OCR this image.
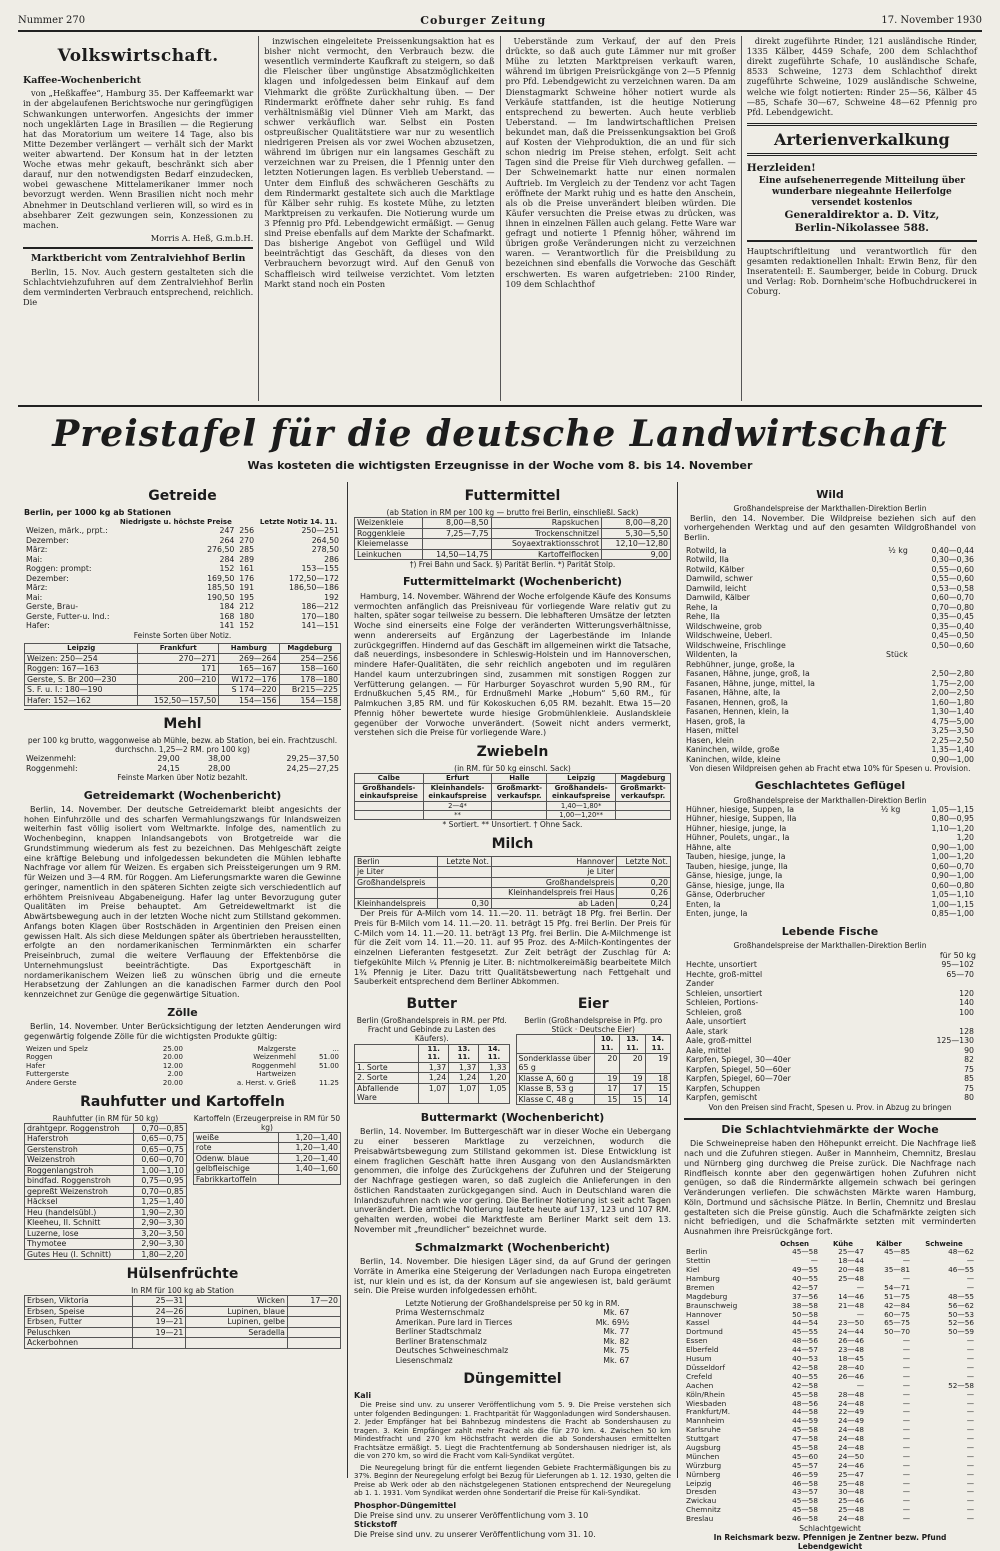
Nummer 270	Coburger Zeitung	17. November 1930
Volkswirtschaft.
Kaffee-Wochenbericht

von „Heßkaffee“, Hamburg 35. Der Kaffeemarkt war in der abgelaufenen Berichtswoche nur geringfügigen Schwankungen unterworfen. Angesichts der immer noch ungeklärten Lage in Brasilien — die Regierung hat das Moratorium um weitere 14 Tage, also bis Mitte Dezember verlängert — verhält sich der Markt weiter abwartend. Der Konsum hat in der letzten Woche etwas mehr gekauft, beschränkt sich aber darauf, nur den notwendigsten Bedarf einzudecken, wobei gewaschene Mittelamerikaner immer noch bevorzugt werden. Wenn Brasilien nicht noch mehr Abnehmer in Deutschland verlieren will, so wird es in absehbarer Zeit gezwungen sein, Konzessionen zu machen.

Morris A. Heß, G.m.b.H.

Marktbericht vom Zentralviehhof Berlin

Berlin, 15. Nov. Auch gestern gestalteten sich die Schlachtviehzufuhren auf dem Zentralviehhof Berlin dem verminderten Verbrauch entsprechend, reichlich. Die

inzwischen eingeleitete Preissenkungsaktion hat es bisher nicht vermocht, den Verbrauch bezw. die wesentlich verminderte Kaufkraft zu steigern, so daß die Fleischer über ungünstige Absatzmöglichkeiten klagen und infolgedessen beim Einkauf auf dem Viehmarkt die größte Zurückhaltung üben. — Der Rindermarkt eröffnete daher sehr ruhig. Es fand verhältnismäßig viel Dünner Vieh am Markt, das schwer verkäuflich war. Selbst ein Posten ostpreußischer Qualitätstiere war nur zu wesentlich niedrigeren Preisen als vor zwei Wochen abzusetzen, während im übrigen nur ein langsames Geschäft zu verzeichnen war zu Preisen, die 1 Pfennig unter den letzten Notierungen lagen. Es verblieb Ueberstand. — Unter dem Einfluß des schwächeren Geschäfts zu dem Rindermarkt gestaltete sich auch die Marktlage für Kälber sehr ruhig. Es kostete Mühe, zu letzten Marktpreisen zu verkaufen. Die Notierung wurde um 3 Pfennig pro Pfd. Lebendgewicht ermäßigt. — Genug sind Preise ebenfalls auf dem Markte der Schafmarkt. Das bisherige Angebot von Geflügel und Wild beeinträchtigt das Geschäft, da dieses von den Verbrauchern bevorzugt wird. Auf den Genuß von Schaffleisch wird teilweise verzichtet. Vom letzten Markt stand noch ein Posten

Ueberstände zum Verkauf, der auf den Preis drückte, so daß auch gute Lämmer nur mit großer Mühe zu letzten Marktpreisen verkauft waren, während im übrigen Preisrückgänge von 2—5 Pfennig pro Pfd. Lebendgewicht zu verzeichnen waren. Da am Dienstagmarkt Schweine höher notiert wurde als Verkäufe stattfanden, ist die heutige Notierung entsprechend zu bewerten. Auch heute verblieb Ueberstand. — Im landwirtschaftlichen Preisen bekundet man, daß die Preissenkungsaktion bei Groß auf Kosten der Viehproduktion, die an und für sich schon niedrig im Preise stehen, erfolgt. Seit acht Tagen sind die Preise für Vieh durchweg gefallen. — Der Schweinemarkt hatte nur einen normalen Auftrieb. Im Vergleich zu der Tendenz vor acht Tagen eröffnete der Markt ruhig und es hatte den Anschein, als ob die Preise unverändert bleiben würden. Die Käufer versuchten die Preise etwas zu drücken, was ihnen in einzelnen Fällen auch gelang. Fette Ware war gefragt und notierte 1 Pfennig höher, während im übrigen große Veränderungen nicht zu verzeichnen waren. — Verantwortlich für die Preisbildung zu bezeichnen sind ebenfalls die Vorwoche das Geschäft erschwerten. Es waren aufgetrieben: 2100 Rinder, 109 dem Schlachthof

direkt zugeführte Rinder, 121 ausländische Rinder, 1335 Kälber, 4459 Schafe, 200 dem Schlachthof direkt zugeführte Schafe, 10 ausländische Schafe, 8533 Schweine, 1273 dem Schlachthof direkt zugeführte Schweine, 1029 ausländische Schweine, welche wie folgt notierten: Rinder 25—56, Kälber 45—85, Schafe 30—67, Schweine 48—62 Pfennig pro Pfd. Lebendgewicht.

Arterienverkalkung
Herzleiden!
Eine aufsehenerregende Mitteilung über wunderbare niegeahnte Heilerfolge versendet kostenlos
Generaldirektor a. D. Vitz,
Berlin-Nikolassee 588.

Hauptschriftleitung und verantwortlich für den gesamten redaktionellen Inhalt: Erwin Benz, für den Inseratenteil: E. Saumberger, beide in Coburg. Druck und Verlag: Rob. Dornheim'sche Hofbuchdruckerei in Coburg.

Preistafel für die deutsche Landwirtschaft
Was kosteten die wichtigsten Erzeugnisse in der Woche vom 8. bis 14. November
Getreide
Berlin, per 1000 kg ab Stationen
	Niedrigste u. höchste Preise		Letzte Notiz 14. 11.
Weizen, märk., prpt.:	247	256	250—251
Dezember:	264	270	264,50
März:	276,50	285	278,50
Mai:	284	289	286
Roggen: prompt:	152	161	153—155
Dezember:	169,50	176	172,50—172
März:	185,50	191	186,50—186
Mai:	190,50	195	192
Gerste, Brau-	184	212	186—212
Gerste, Futter-u. Ind.:	168	180	170—180
Hafer:	141	152	141—151
Feinste Sorten über Notiz.
Leipzig	Frankfurt	Hamburg	Magdeburg
Weizen: 250—254	270—271	269—264	254—256
Roggen: 167—163	171	165—167	158—160
Gerste, S. Br 200—230	200—210	W172—176	178—180
S. F. u. I.: 180—190		S 174—220	Br215—225
Hafer: 152—162	152,50—157,50	154—156	154—158
Mehl
per 100 kg brutto, waggonweise ab Mühle, bezw. ab Station, bei ein. Frachtzuschl. durchschn. 1,25—2 RM. pro 100 kg)
Weizenmehl:	29,00	38,00	29,25—37,50
Roggenmehl:	24,15	28,00	24,25—27,25
Feinste Marken über Notiz bezahlt.
Getreidemarkt (Wochenbericht)

Berlin, 14. November. Der deutsche Getreidemarkt bleibt angesichts der hohen Einfuhrzölle und des scharfen Vermahlungszwangs für Inlandsweizen weiterhin fast völlig isoliert vom Weltmarkte. Infolge des, namentlich zu Wochenbeginn, knappen Inlandsangebots von Brotgetreide war die Grundstimmung wiederum als fest zu bezeichnen. Das Mehlgeschäft zeigte eine kräftige Belebung und infolgedessen bekundeten die Mühlen lebhafte Nachfrage vor allem für Weizen. Es ergaben sich Preissteigerungen um 9 RM. für Weizen und 3—4 RM. für Roggen. Am Lieferungsmarkte waren die Gewinne geringer, namentlich in den späteren Sichten zeigte sich verschiedentlich auf erhöhtem Preisniveau Abgabeneigung. Hafer lag unter Bevorzugung guter Qualitäten im Preise behauptet. Am Getreideweltmarkt ist die Abwärtsbewegung auch in der letzten Woche nicht zum Stillstand gekommen. Anfangs boten Klagen über Rostschäden in Argentinien den Preisen einen gewissen Halt. Als sich diese Meldungen später als übertrieben herausstellten, erfolgte an den nordamerikanischen Terminmärkten ein scharfer Preiseinbruch, zumal die weitere Verflauung der Effektenbörse die Unternehmungslust beeinträchtigte. Das Exportgeschäft in nordamerikanischem Weizen ließ zu wünschen übrig und die erneute Herabsetzung der Zahlungen an die kanadischen Farmer durch den Pool kennzeichnet zur Genüge die gegenwärtige Situation.

Zölle

Berlin, 14. November. Unter Berücksichtigung der letzten Aenderungen wird gegenwärtig folgende Zölle für die wichtigsten Produkte gültig:

Weizen und Spelz	25.00	Malzgerste	...
Roggen	20.00	Weizenmehl	51.00
Hafer	12.00	Roggenmehl	51.00
Futtergerste	2.00	Hartweizen	
Andere Gerste	20.00	a. Herst. v. Grieß	11.25
Rauhfutter und Kartoffeln
Rauhfutter (in RM für 50 kg)
drahtgepr. Roggenstroh	0,70—0,85
Haferstroh	0,65—0,75
Gerstenstroh	0,65—0,75
Weizenstroh	0,60—0,70
Roggenlangstroh	1,00—1,10
bindfad. Roggenstroh	0,75—0,95
gepreßt Weizenstroh	0,70—0,85
Häcksel	1,25—1,40
Heu (handelsübl.)	1,90—2,30
Kleeheu, II. Schnitt	2,90—3,30
Luzerne, lose	3,20—3,50
Thymotee	2,90—3,30
Gutes Heu (I. Schnitt)	1,80—2,20
Kartoffeln (Erzeugerpreise in RM für 50 kg)
weiße	1,20—1,40
rote	1,20—1,40
Odenw. blaue	1,20—1,40
gelbfleischige	1,40—1,60
Fabrikkartoffeln	
Hülsenfrüchte
In RM für 100 kg ab Station
Erbsen, Viktoria	25—31	Wicken	17—20
Erbsen, Speise	24—26	Lupinen, blaue	
Erbsen, Futter	19—21	Lupinen, gelbe	
Peluschken	19—21	Seradella	
Ackerbohnen			
Futtermittel
(ab Station in RM per 100 kg — brutto frei Berlin, einschließl. Sack)
Weizenkleie	8,00—8,50	Rapskuchen	8,00—8,20
Roggenkleie	7,25—7,75	Trockenschnitzel	5,30—5,50
Kleiemelasse		Soyaextraktionsschrot	12,10—12,80
Leinkuchen	14,50—14,75	Kartoffelflocken	9,00
†) Frei Bahn und Sack. §) Parität Berlin. *) Parität Stolp.
Futtermittelmarkt (Wochenbericht)

Hamburg, 14. November. Während der Woche erfolgende Käufe des Konsums vermochten anfänglich das Preisniveau für vorliegende Ware relativ gut zu halten, später sogar teilweise zu bessern. Die lebhafteren Umsätze der letzten Woche sind einerseits eine Folge der veränderten Witterungsverhältnisse, wenn andererseits auf Ergänzung der Lagerbestände im Inlande zurückgegriffen. Hindernd auf das Geschäft im allgemeinen wirkt die Tatsache, daß neuerdings, insbesondere in Schleswig-Holstein und im Hannoverschen, mindere Hafer-Qualitäten, die sehr reichlich angeboten und im regulären Handel kaum unterzubringen sind, zusammen mit sonstigen Roggen zur Verfütterung gelangen. — Für Harburger Soyaschrot wurden 5,90 RM., für Erdnußkuchen 5,45 RM., für Erdnußmehl Marke „Hobum“ 5,60 RM., für Palmkuchen 3,85 RM. und für Kokoskuchen 6,05 RM. bezahlt. Etwa 15—20 Pfennig höher bewertete wurde hiesige Grobmühlenkleie. Auslandskleie gegenüber der Vorwoche unverändert. (Soweit nicht anders vermerkt, verstehen sich die Preise für vorliegende Ware.)

Zwiebeln
(in RM. für 50 kg einschl. Sack)
Calbe	Erfurt	Halle	Leipzig	Magdeburg
Großhandels-einkaufspreise	Kleinhandels-einkaufspreise	Großmarkt-verkaufspr.	Großhandels-einkaufspreise	Großmarkt-verkaufspr.
	2—4*		1,40—1,80*	
	**		1,00—1,20**	
* Sortiert. ** Unsortiert. † Ohne Sack.
Milch
Berlin	Letzte Not.	Hannover	Letzte Not.
je Liter		je Liter	
Großhandelspreis		Großhandelspreis	0,20
		Kleinhandelspreis frei Haus	0,26
Kleinhandelspreis	0,30	ab Laden	0,24

Der Preis für A-Milch vom 14. 11.—20. 11. beträgt 18 Pfg. frei Berlin. Der Preis für B-Milch vom 14. 11.—20. 11. beträgt 15 Pfg. frei Berlin. Der Preis für C-Milch vom 14. 11.—20. 11. beträgt 13 Pfg. frei Berlin. Die A-Milchmenge ist für die Zeit vom 14. 11.—20. 11. auf 95 Proz. des A-Milch-Kontingentes der einzelnen Lieferanten festgesetzt. Zur Zeit beträgt der Zuschlag für A: tiefgekühlte Milch ¼ Pfennig je Liter. B: nichtmolkereimäßig bearbeitete Milch 1¾ Pfennig je Liter. Dazu tritt Qualitätsbewertung nach Fettgehalt und Sauberkeit entsprechend dem Berliner Abkommen.

Butter
Berlin (Großhandelspreis in RM. per Pfd. Fracht und Gebinde zu Lasten des Käufers).
	11. 11.	13. 11.	14. 11.
1. Sorte	1,37	1,37	1,33
2. Sorte	1,24	1,24	1,20
Abfallende Ware	1,07	1,07	1,05
Eier
Berlin (Großhandelspreise in Pfg. pro Stück · Deutsche Eier)
	10. 11.	13. 11.	14. 11.
Sonderklasse über 65 g	20	20	19
Klasse A, 60 g	19	19	18
Klasse B, 53 g	17	17	15
Klasse C, 48 g	15	15	14
Buttermarkt (Wochenbericht)

Berlin, 14. November. Im Buttergeschäft war in dieser Woche ein Uebergang zu einer besseren Marktlage zu verzeichnen, wodurch die Preisabwärtsbewegung zum Stillstand gekommen ist. Diese Entwicklung ist einem fraglichen Geschäft hatte ihren Ausgang von den Auslandsmärkten genommen, die infolge des Zurückgehens der Zufuhren und der Steigerung der Nachfrage gestiegen waren, so daß zugleich die Anlieferungen in den östlichen Randstaaten zurückgegangen sind. Auch in Deutschland waren die Inlandszufuhren nach wie vor gering. Die Berliner Notierung ist seit acht Tagen unverändert. Die amtliche Notierung lautete heute auf 137, 123 und 107 RM. gehalten werden, wobei die Marktfeste am Berliner Markt seit dem 13. November mit „freundlicher“ bezeichnet wurde.

Schmalzmarkt (Wochenbericht)

Berlin, 14. November. Die hiesigen Läger sind, da auf Grund der geringen Vorräte in Amerika eine Steigerung der Verladungen nach Europa eingetreten ist, nur klein und es ist, da der Konsum auf sie angewiesen ist, bald geräumt sein. Die Preise wurden infolgedessen erhöht.

Letzte Notierung der Großhandelspreise per 50 kg in RM.
Prima Westernschmalz	Mk. 67
Amerikan. Pure lard in Tierces	Mk. 69½
Berliner Stadtschmalz	Mk. 77
Berliner Bratenschmalz	Mk. 82
Deutsches Schweineschmalz	Mk. 75
Liesenschmalz	Mk. 67
Düngemittel
Kali

Die Preise sind unv. zu unserer Veröffentlichung vom 5. 9. Die Preise verstehen sich unter folgenden Bedingungen: 1. Frachtparität für Waggonladungen wird Sondershausen. 2. Jeder Empfänger hat bei Bahnbezug mindestens die Fracht ab Sondershausen zu tragen. 3. Kein Empfänger zahlt mehr Fracht als die für 270 km. 4. Zwischen 50 km Mindestfracht und 270 km Höchstfracht werden die ab Sondershausen ermittelten Frachtsätze ermäßigt. 5. Liegt die Frachtentfernung ab Sondershausen niedriger ist, als die von 270 km, so wird die Fracht vom Kali-Syndikat vergütet.

Die Neuregelung bringt für die entfernt liegenden Gebiete Frachtermäßigungen bis zu 37%. Beginn der Neuregelung erfolgt bei Bezug für Lieferungen ab 1. 12. 1930, gelten die Preise ab Werk oder ab den nächstgelegenen Stationen entsprechend der Neuregelung ab 1. 1. 1931. Vom Syndikat werden ohne Sondertarif die Preise für Kali-Syndikat.

Phosphor-Düngemittel
Die Preise sind unv. zu unserer Veröffentlichung vom 3. 10
Stickstoff
Die Preise sind unv. zu unserer Veröffentlichung vom 31. 10.
Wild
Großhandelspreise der Markthallen-Direktion Berlin

Berlin, den 14. November. Die Wildpreise beziehen sich auf den vorhergehenden Werktag und auf den gesamten Wildgroßhandel von Berlin.

Rotwild, Ia	½ kg	0,40—0,44
Rotwild, IIa		0,30—0,36
Rotwild, Kälber		0,55—0,60
Damwild, schwer		0,55—0,60
Damwild, leicht		0,53—0,58
Damwild, Kälber		0,60—0,70
Rehe, Ia		0,70—0,80
Rehe, IIa		0,35—0,45
Wildschweine, grob		0,35—0,40
Wildschweine, Ueberl.		0,45—0,50
Wildschweine, Frischlinge		0,50—0,60
Wildenten, Ia	Stück	
Rebhühner, junge, große, Ia		
Fasanen, Hähne, junge, groß, Ia		2,50—2,80
Fasanen, Hähne, junge, mittel, Ia		1,75—2,00
Fasanen, Hähne, alte, Ia		2,00—2,50
Fasanen, Hennen, groß, Ia		1,60—1,80
Fasanen, Hennen, klein, Ia		1,30—1,40
Hasen, groß, Ia		4,75—5,00
Hasen, mittel		3,25—3,50
Hasen, klein		2,25—2,50
Kaninchen, wilde, große		1,35—1,40
Kaninchen, wilde, kleine		0,90—1,00
Von diesen Wildpreisen gehen ab Fracht etwa 10% für Spesen u. Provision.
Geschlachtetes Geflügel
Großhandelspreise der Markthallen-Direktion Berlin
Hühner, hiesige, Suppen, Ia	½ kg	1,05—1,15
Hühner, hiesige, Suppen, IIa		0,80—0,95
Hühner, hiesige, junge, Ia		1,10—1,20
Hühner, Poulets, ungar., Ia		1,20
Hähne, alte		0,90—1,00
Tauben, hiesige, junge, Ia		1,00—1,20
Tauben, hiesige, junge, IIa		0,60—0,70
Gänse, hiesige, junge, Ia		0,90—1,00
Gänse, hiesige, junge, IIa		0,60—0,80
Gänse, Oderbrucher		1,05—1,10
Enten, Ia		1,00—1,15
Enten, junge, Ia		0,85—1,00
Lebende Fische
Großhandelspreise der Markthallen-Direktion Berlin
für 50 kg
Hechte, unsortiert	95—102
Hechte, groß-mittel	65—70
Zander	
Schleien, unsortiert	120
Schleien, Portions-	140
Schleien, groß	100
Aale, unsortiert	
Aale, stark	128
Aale, groß-mittel	125—130
Aale, mittel	90
Karpfen, Spiegel, 30—40er	82
Karpfen, Spiegel, 50—60er	75
Karpfen, Spiegel, 60—70er	85
Karpfen, Schuppen	75
Karpfen, gemischt	80
Von den Preisen sind Fracht, Spesen u. Prov. in Abzug zu bringen
Die Schlachtviehmärkte der Woche

Die Schweinepreise haben den Höhepunkt erreicht. Die Nachfrage ließ nach und die Zufuhren stiegen. Außer in Mannheim, Chemnitz, Breslau und Nürnberg ging durchweg die Preise zurück. Die Nachfrage nach Rindfleisch konnte aber den gegenwärtigen hohen Zufuhren nicht genügen, so daß die Rindermärkte allgemein schwach bei geringen Veränderungen verliefen. Die schwächsten Märkte waren Hamburg, Köln, Dortmund und sächsische Plätze. In Berlin, Chemnitz und Breslau gestalteten sich die Preise günstig. Auch die Schafmärkte zeigten sich nicht befriedigen, und die Schafmärkte setzten mit verminderten Ausnahmen ihre Preisrückgänge fort.

	Ochsen	Kühe	Kälber	Schweine
Berlin	45—58	25—47	45—85	48—62
Stettin	—	18—44	—	—
Kiel	49—55	20—48	35—81	46—55
Hamburg	40—55	25—48	—	—
Bremen	42—57	—	54—71	—
Magdeburg	37—56	14—46	51—75	48—55
Braunschweig	38—58	21—48	42—84	56—62
Hannover	50—58	—	60—75	50—53
Kassel	44—54	23—50	65—75	52—56
Dortmund	45—55	24—44	50—70	50—59
Essen	48—56	26—46	—	—
Elberfeld	44—57	23—48	—	—
Husum	40—53	18—45	—	—
Düsseldorf	42—58	28—40	—	—
Crefeld	40—55	26—46	—	—
Aachen	42—58	—	—	52—58
Köln/Rhein	45—58	28—48	—	—
Wiesbaden	48—56	24—48	—	—
Frankfurt/M.	44—58	22—49	—	—
Mannheim	44—59	24—49	—	—
Karlsruhe	45—58	24—48	—	—
Stuttgart	47—58	24—48	—	—
Augsburg	45—58	24—48	—	—
München	45—60	24—50	—	—
Würzburg	45—57	24—46	—	—
Nürnberg	46—59	25—47	—	—
Leipzig	46—58	25—48	—	—
Dresden	43—57	30—48	—	—
Zwickau	45—58	25—46	—	—
Chemnitz	45—58	25—48	—	—
Breslau	46—58	24—48	—	—
Schlachtgewicht
In Reichsmark bezw. Pfennigen je Zentner bezw. Pfund Lebendgewicht
